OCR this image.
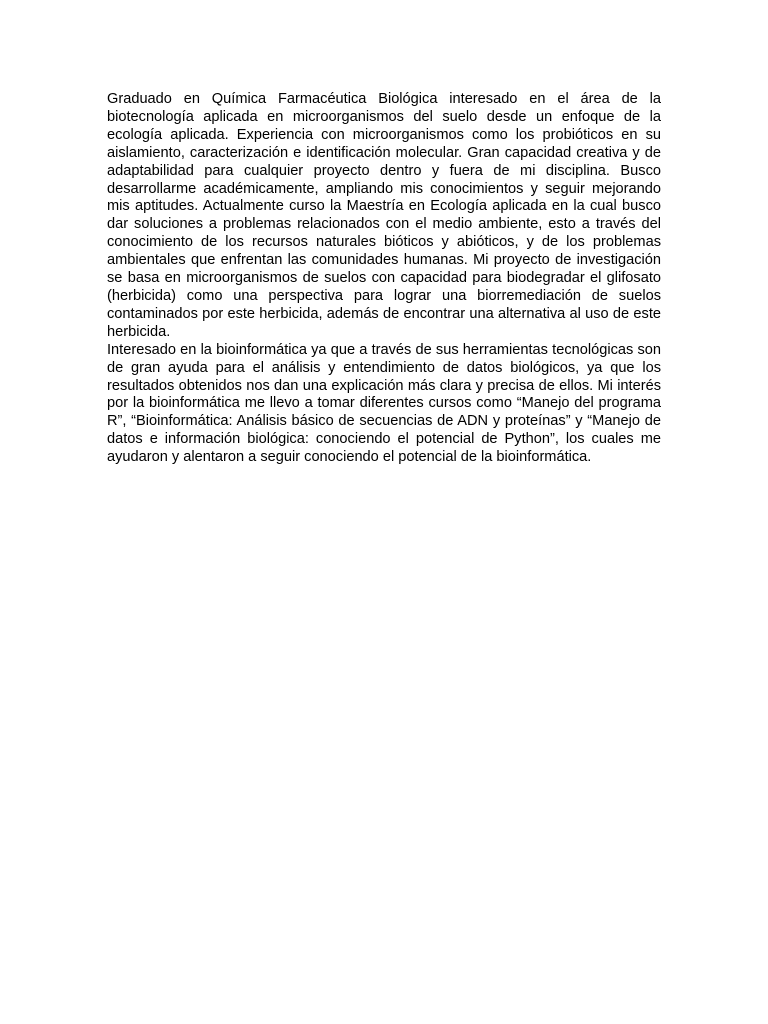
Graduado en Química Farmacéutica Biológica interesado en el área de la biotecnología aplicada en microorganismos del suelo desde un enfoque de la ecología aplicada. Experiencia con microorganismos como los probióticos en su aislamiento, caracterización e identificación molecular. Gran capacidad creativa y de adaptabilidad para cualquier proyecto dentro y fuera de mi disciplina. Busco desarrollarme académicamente, ampliando mis conocimientos y seguir mejorando mis aptitudes. Actualmente curso la Maestría en Ecología aplicada en la cual busco dar soluciones a problemas relacionados con el medio ambiente, esto a través del conocimiento de los recursos naturales bióticos y abióticos, y de los problemas ambientales que enfrentan las comunidades humanas. Mi proyecto de investigación se basa en microorganismos de suelos con capacidad para biodegradar el glifosato (herbicida) como una perspectiva para lograr una biorremediación de suelos contaminados por este herbicida, además de encontrar una alternativa al uso de este herbicida.

Interesado en la bioinformática ya que a través de sus herramientas tecnológicas son de gran ayuda para el análisis y entendimiento de datos biológicos, ya que los resultados obtenidos nos dan una explicación más clara y precisa de ellos. Mi interés por la bioinformática me llevo a tomar diferentes cursos como “Manejo del programa R”, “Bioinformática: Análisis básico de secuencias de ADN y proteínas” y “Manejo de datos e información biológica: conociendo el potencial de Python”, los cuales me ayudaron y alentaron a seguir conociendo el potencial de la bioinformática.
